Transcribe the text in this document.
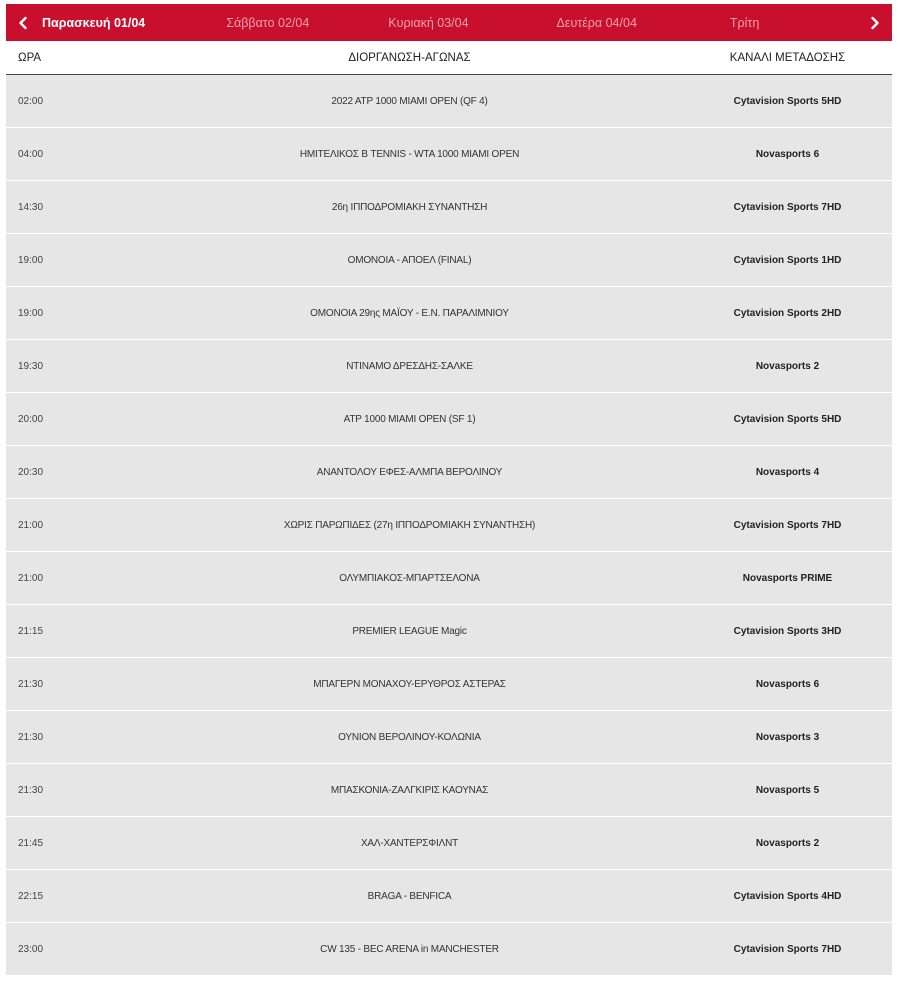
Παρασκευή 01/04	Σάββατο 02/04	Κυριακή 03/04	Δευτέρα 04/04	Τρίτη
ΩΡΑ	ΔΙΟΡΓΑΝΩΣΗ-ΑΓΩΝΑΣ	ΚΑΝΑΛΙ ΜΕΤΑΔΟΣΗΣ
02:00	2022 ATP 1000 MIAMI OPEN (QF 4)	Cytavision Sports 5HD
04:00	ΗΜΙΤΕΛΙΚΟΣ Β TENNIS - WTA 1000 MIAMI OPEN	Novasports 6
14:30	26η ΙΠΠΟΔΡΟΜΙΑΚΗ ΣΥΝΑΝΤΗΣΗ	Cytavision Sports 7HD
19:00	ΟΜΟΝΟΙΑ - ΑΠΟΕΛ (FINAL)	Cytavision Sports 1HD
19:00	ΟΜΟΝΟΙΑ 29ης ΜΑΪΟΥ - Ε.Ν. ΠΑΡΑΛΙΜΝΙΟΥ	Cytavision Sports 2HD
19:30	ΝΤΙΝΑΜΟ ΔΡΕΣΔΗΣ-ΣΑΛΚΕ	Novasports 2
20:00	ATP 1000 MIAMI OPEN (SF 1)	Cytavision Sports 5HD
20:30	ΑΝΑΝΤΟΛΟΥ ΕΦΕΣ-ΑΛΜΠΑ ΒΕΡΟΛΙΝΟΥ	Novasports 4
21:00	ΧΩΡΙΣ ΠΑΡΩΠΙΔΕΣ (27η ΙΠΠΟΔΡΟΜΙΑΚΗ ΣΥΝΑΝΤΗΣΗ)	Cytavision Sports 7HD
21:00	ΟΛΥΜΠΙΑΚΟΣ-ΜΠΑΡΤΣΕΛΟΝΑ	Novasports PRIME
21:15	PREMIER LEAGUE Magic	Cytavision Sports 3HD
21:30	ΜΠΑΓΕΡΝ ΜΟΝΑΧΟΥ-ΕΡΥΘΡΟΣ ΑΣΤΕΡΑΣ	Novasports 6
21:30	ΟΥΝΙΟΝ ΒΕΡΟΛΙΝΟΥ-ΚΟΛΩΝΙΑ	Novasports 3
21:30	ΜΠΑΣΚΟΝΙΑ-ΖΑΛΓΚΙΡΙΣ ΚΑΟΥΝΑΣ	Novasports 5
21:45	ΧΑΛ-ΧΑΝΤΕΡΣΦΙΛΝΤ	Novasports 2
22:15	BRAGA - BENFICA	Cytavision Sports 4HD
23:00	CW 135 - BEC ARENA in MANCHESTER	Cytavision Sports 7HD
